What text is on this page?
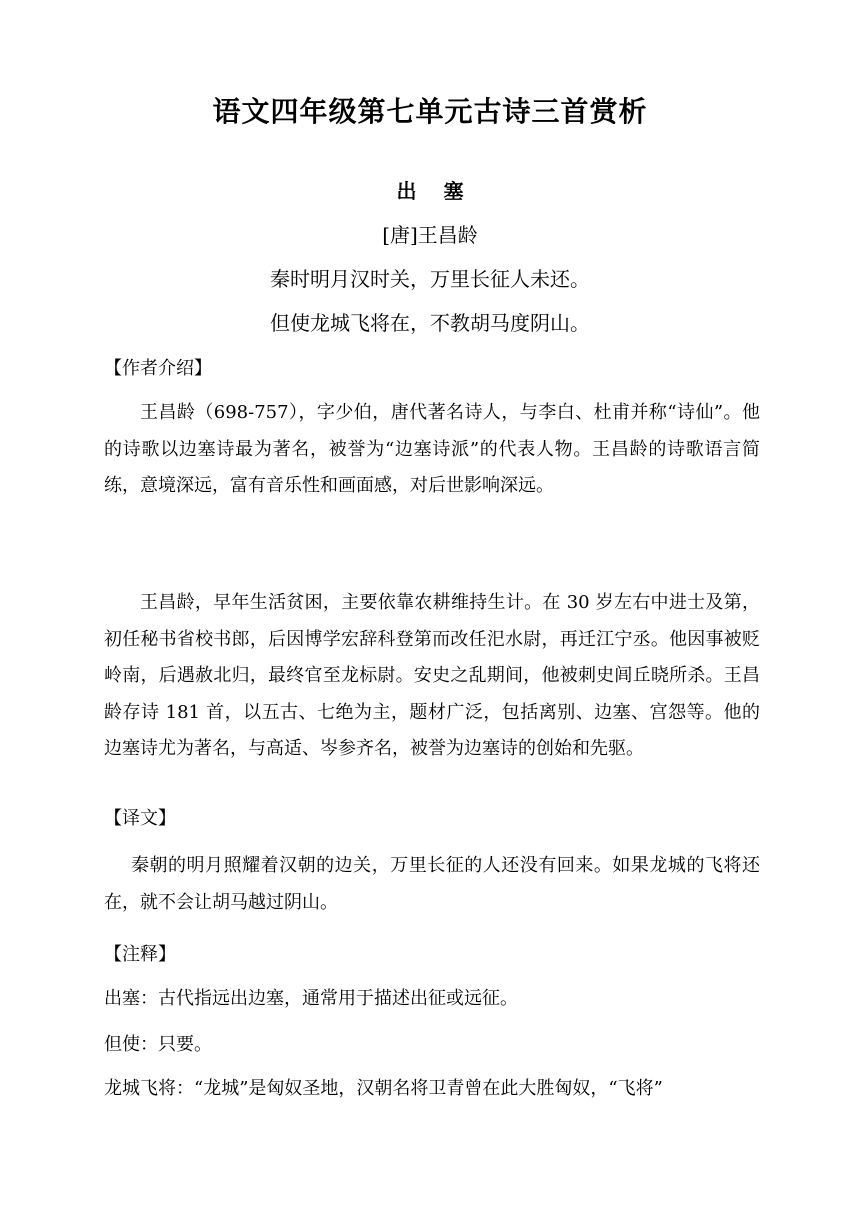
语文四年级第七单元古诗三首赏析
出 塞
[唐]王昌龄
秦时明月汉时关，万里长征人未还。
但使龙城飞将在，不教胡马度阴山。
【作者介绍】

王昌龄（698-757），字少伯，唐代著名诗人，与李白、杜甫并称“诗仙”。他的诗歌以边塞诗最为著名，被誉为“边塞诗派”的代表人物。王昌龄的诗歌语言简练，意境深远，富有音乐性和画面感，对后世影响深远。

王昌龄，早年生活贫困，主要依靠农耕维持生计。在 30 岁左右中进士及第，初任秘书省校书郎，后因博学宏辞科登第而改任汜水尉，再迁江宁丞。他因事被贬岭南，后遇赦北归，最终官至龙标尉。安史之乱期间，他被刺史闾丘晓所杀。王昌龄存诗 181 首，以五古、七绝为主，题材广泛，包括离别、边塞、宫怨等。他的边塞诗尤为著名，与高适、岑参齐名，被誉为边塞诗的创始和先驱。

【译文】

秦朝的明月照耀着汉朝的边关，万里长征的人还没有回来。如果龙城的飞将还在，就不会让胡马越过阴山。

【注释】
出塞：古代指远出边塞，通常用于描述出征或远征。
但使：只要。
龙城飞将：“龙城”是匈奴圣地，汉朝名将卫青曾在此大胜匈奴，“飞将”
